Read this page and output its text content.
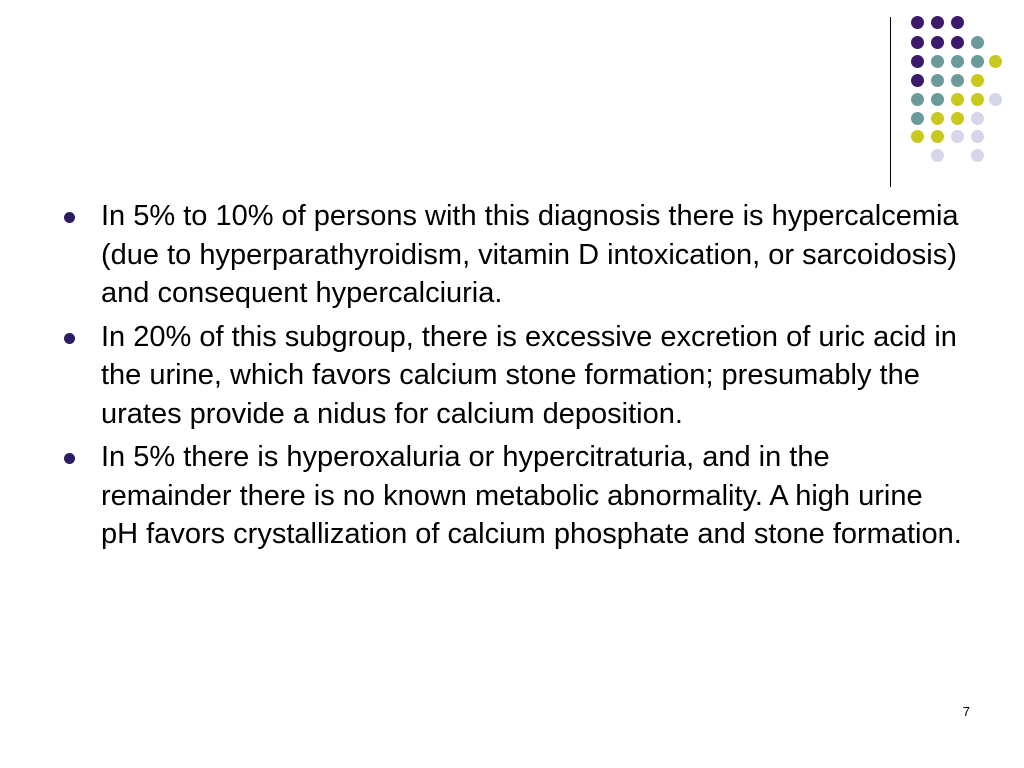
In 5% to 10% of persons with this diagnosis there is hypercalcemia (due to hyperparathyroidism, vitamin D intoxication, or sarcoidosis) and consequent hypercalciuria.
In 20% of this subgroup, there is excessive excretion of uric acid in the urine, which favors calcium stone formation; presumably the urates provide a nidus for calcium deposition.
In 5% there is hyperoxaluria or hypercitraturia, and in the remainder there is no known metabolic abnormality. A high urine pH favors crystallization of calcium phosphate and stone formation.
7
